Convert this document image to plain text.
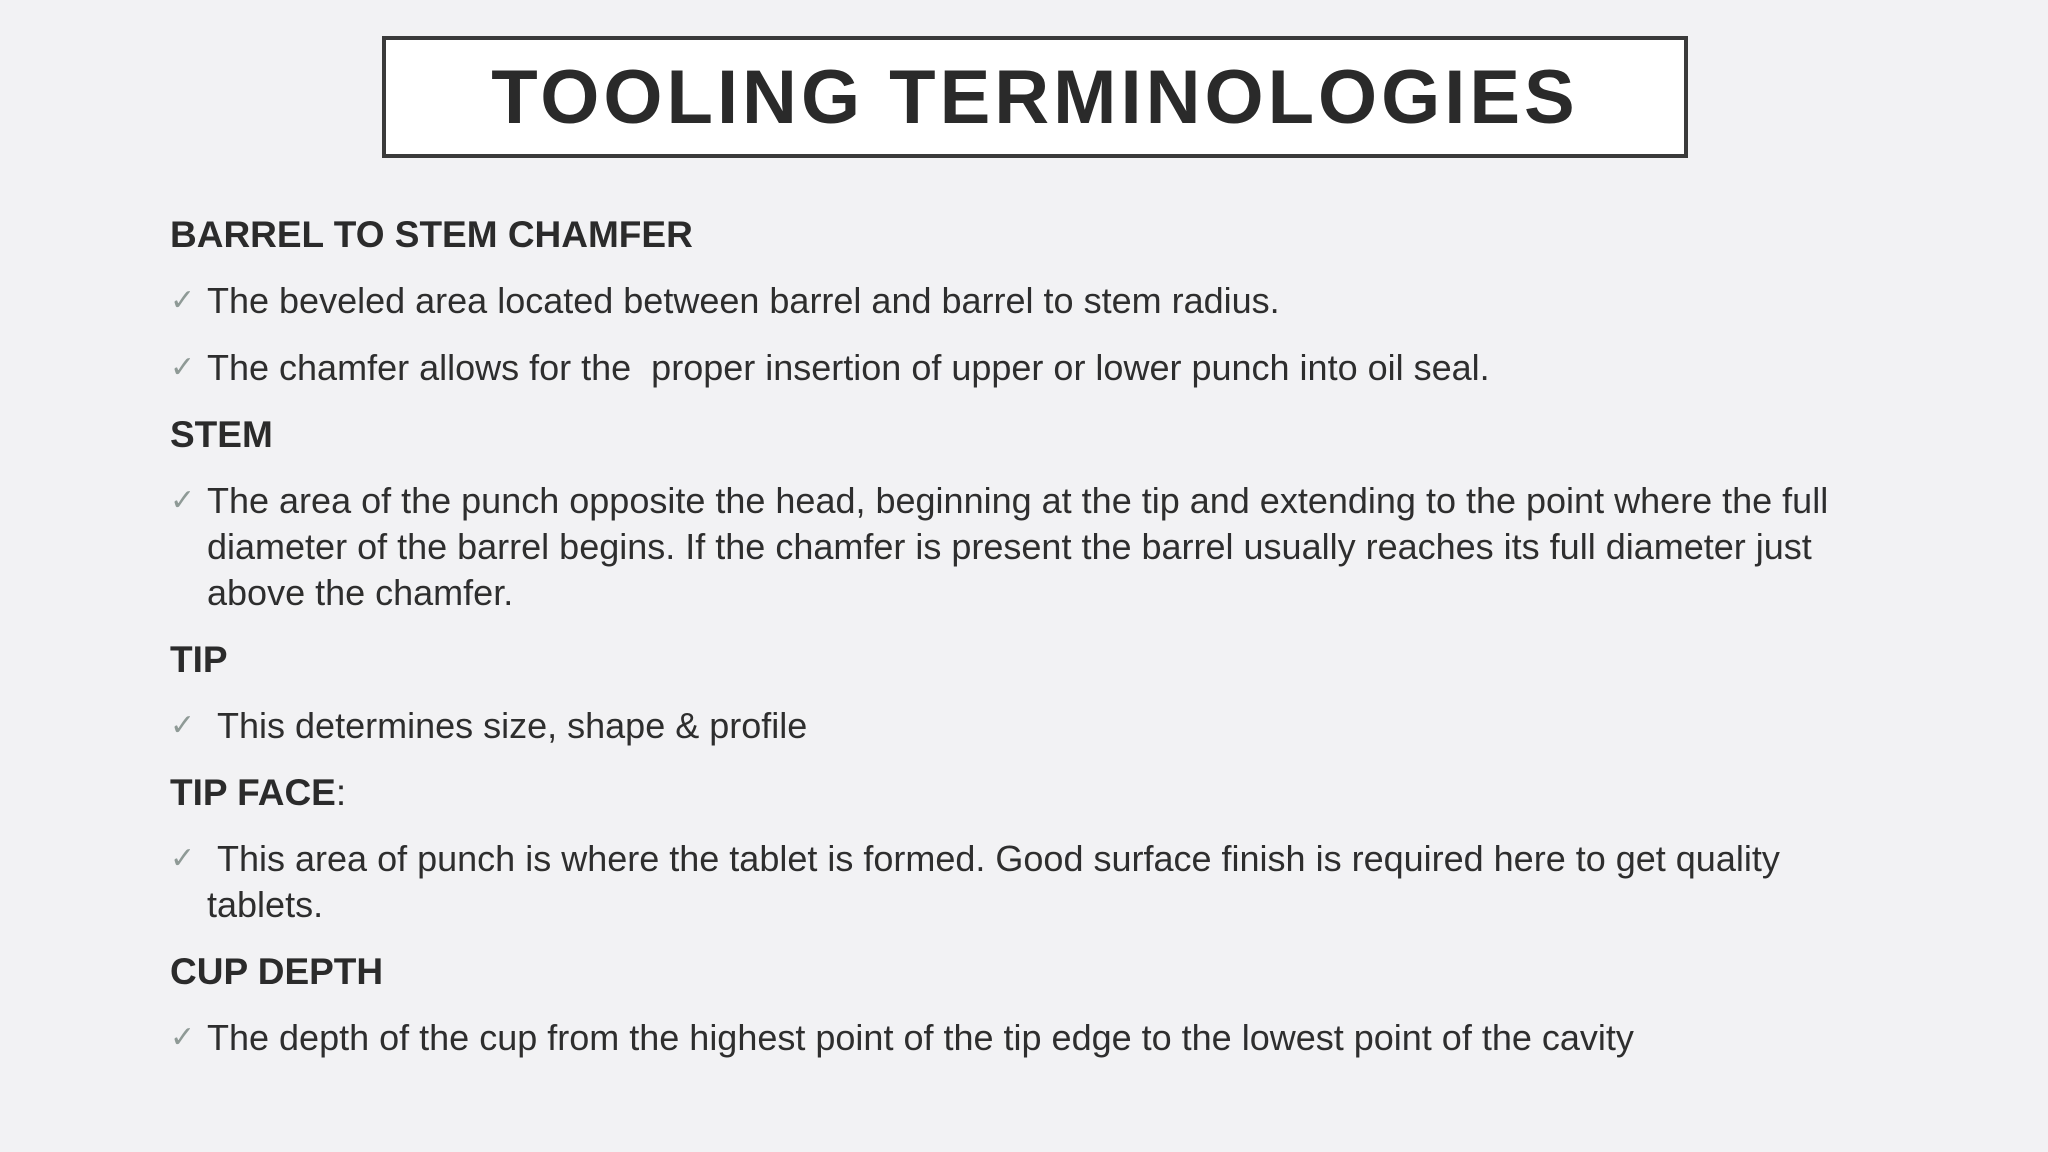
TOOLING TERMINOLOGIES
BARREL TO STEM CHAMFER
✓ The beveled area located between barrel and barrel to stem radius.
✓ The chamfer allows for the  proper insertion of upper or lower punch into oil seal.
STEM
✓ The area of the punch opposite the head, beginning at the tip and extending to the point where the full diameter of the barrel begins. If the chamfer is present the barrel usually reaches its full diameter just above the chamfer.
TIP
✓ This determines size, shape & profile
TIP FACE:
✓ This area of punch is where the tablet is formed. Good surface finish is required here to get quality tablets.
CUP DEPTH
✓ The depth of the cup from the highest point of the tip edge to the lowest point of the cavity
